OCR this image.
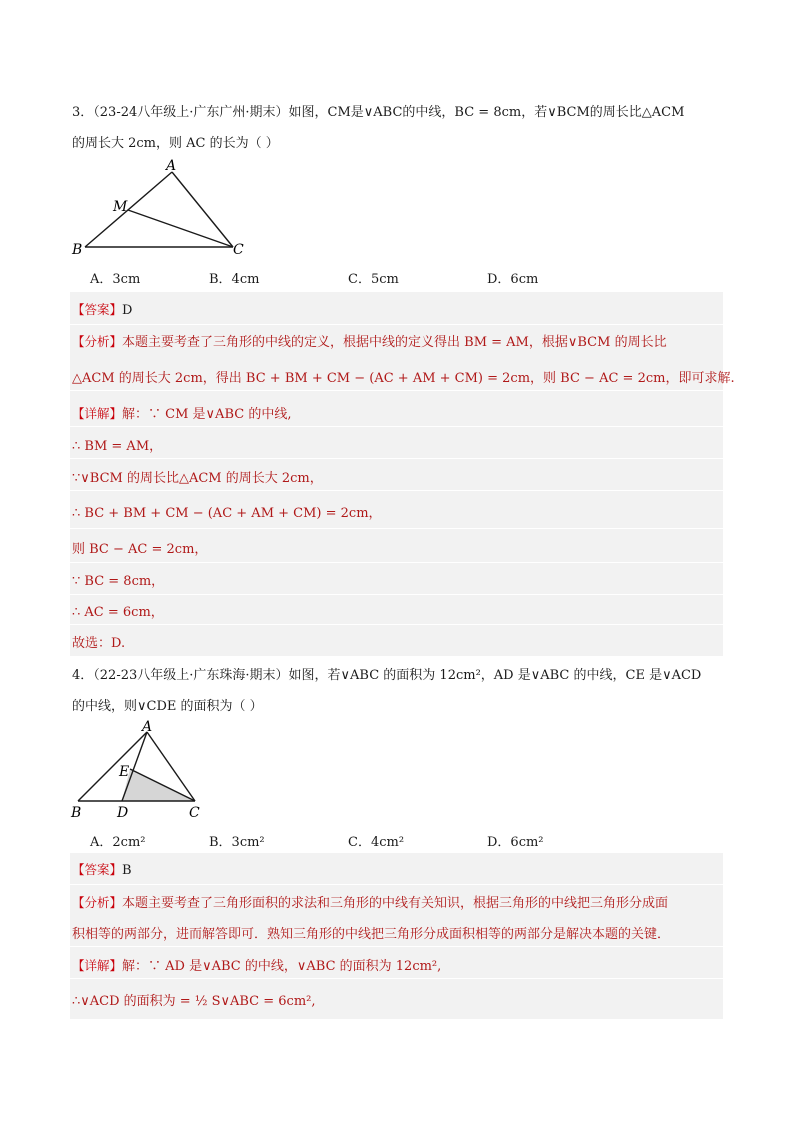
3．（23-24八年级上·广东广州·期末）如图，CM是∨ABC的中线，BC = 8cm，若∨BCM的周长比△ACM
的周长大 2cm，则 AC 的长为（ ）
A
M
B	C
A．3cm	B．4cm	C．5cm	D．6cm
【答案】D
【分析】本题主要考查了三角形的中线的定义，根据中线的定义得出 BM = AM，根据∨BCM 的周长比
△ACM 的周长大 2cm，得出 BC + BM + CM − (AC + AM + CM) = 2cm，则 BC − AC = 2cm，即可求解.
【详解】解：∵ CM 是∨ABC 的中线,
∴ BM = AM，
∵∨BCM 的周长比△ACM 的周长大 2cm，
∴ BC + BM + CM − (AC + AM + CM) = 2cm，
则 BC − AC = 2cm，
∵ BC = 8cm，
∴ AC = 6cm，
故选：D.
4．（22-23八年级上·广东珠海·期末）如图，若∨ABC 的面积为 12cm²，AD 是∨ABC 的中线，CE 是∨ACD
的中线，则∨CDE 的面积为（ ）
A
E
B	D	C
A．2cm²	B．3cm²	C．4cm²	D．6cm²
【答案】B
【分析】本题主要考查了三角形面积的求法和三角形的中线有关知识，根据三角形的中线把三角形分成面
积相等的两部分，进而解答即可．熟知三角形的中线把三角形分成面积相等的两部分是解决本题的关键．
【详解】解：∵ AD 是∨ABC 的中线，∨ABC 的面积为 12cm²,
∴∨ACD 的面积为 = ½ S∨ABC = 6cm²,
